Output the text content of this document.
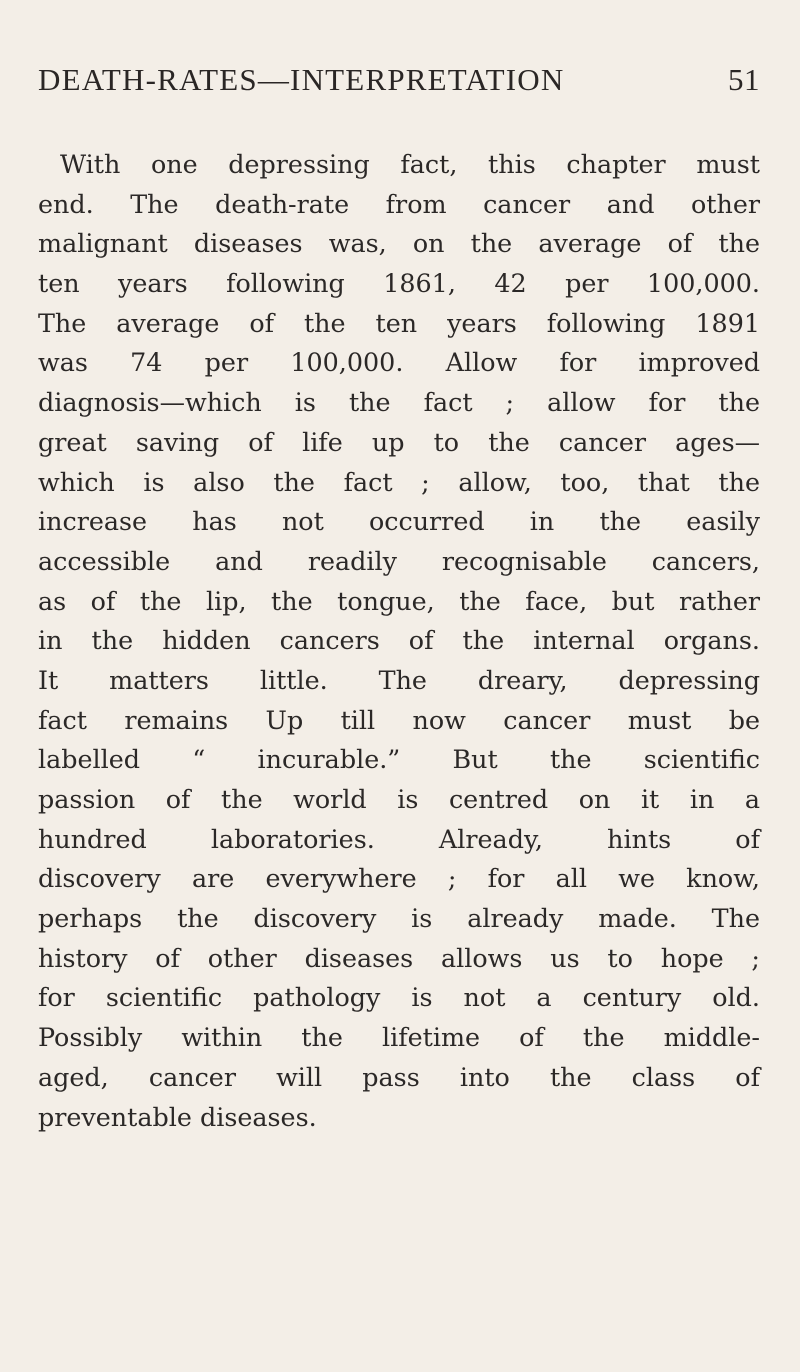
DEATH-RATES—INTERPRETATION	51
With one depressing fact, this chapter must
end. The death-rate from cancer and other
malignant diseases was, on the average of the
ten years following 1861, 42 per 100,000.
The average of the ten years following 1891
was 74 per 100,000. Allow for improved
diagnosis—which is the fact ; allow for the
great saving of life up to the cancer ages—
which is also the fact ; allow, too, that the
increase has not occurred in the easily
accessible and readily recognisable cancers,
as of the lip, the tongue, the face, but rather
in the hidden cancers of the internal organs.
It matters little. The dreary, depressing
fact remains Up till now cancer must be
labelled “ incurable.” But the scientific
passion of the world is centred on it in a
hundred laboratories. Already, hints of
discovery are everywhere ; for all we know,
perhaps the discovery is already made. The
history of other diseases allows us to hope ;
for scientific pathology is not a century old.
Possibly within the lifetime of the middle-
aged, cancer will pass into the class of
preventable diseases.
